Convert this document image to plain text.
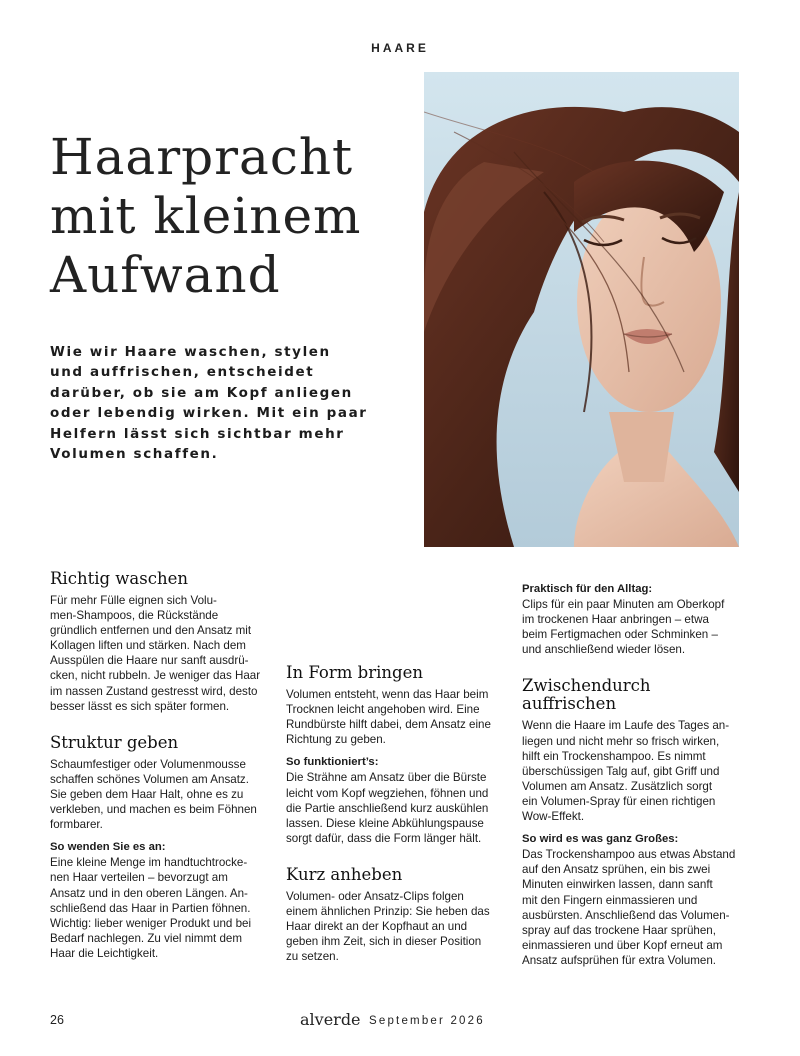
HAARE
Haarpracht
mit kleinem
Aufwand
Wie wir Haare waschen, stylen
und auffrischen, entscheidet
darüber, ob sie am Kopf anliegen
oder lebendig wirken. Mit ein paar
Helfern lässt sich sichtbar mehr
Volumen schaffen.
Richtig waschen
Für mehr Fülle eignen sich Volu-
men-Shampoos, die Rückstände
gründlich entfernen und den Ansatz mit
Kollagen liften und stärken. Nach dem
Ausspülen die Haare nur sanft ausdrü-
cken, nicht rubbeln. Je weniger das Haar
im nassen Zustand gestresst wird, desto
besser lässt es sich später formen.
Struktur geben
Schaumfestiger oder Volumenmousse
schaffen schönes Volumen am Ansatz.
Sie geben dem Haar Halt, ohne es zu
verkleben, und machen es beim Föhnen
formbarer.
So wenden Sie es an:
Eine kleine Menge im handtuchtrocke-
nen Haar verteilen – bevorzugt am
Ansatz und in den oberen Längen. An-
schließend das Haar in Partien föhnen.
Wichtig: lieber weniger Produkt und bei
Bedarf nachlegen. Zu viel nimmt dem
Haar die Leichtigkeit.
In Form bringen
Volumen entsteht, wenn das Haar beim
Trocknen leicht angehoben wird. Eine
Rundbürste hilft dabei, dem Ansatz eine
Richtung zu geben.
So funktioniert’s:
Die Strähne am Ansatz über die Bürste
leicht vom Kopf wegziehen, föhnen und
die Partie anschließend kurz auskühlen
lassen. Diese kleine Abkühlungspause
sorgt dafür, dass die Form länger hält.
Kurz anheben
Volumen- oder Ansatz-Clips folgen
einem ähnlichen Prinzip: Sie heben das
Haar direkt an der Kopfhaut an und
geben ihm Zeit, sich in dieser Position
zu setzen.
Praktisch für den Alltag:
Clips für ein paar Minuten am Oberkopf
im trockenen Haar anbringen – etwa
beim Fertigmachen oder Schminken –
und anschließend wieder lösen.
Zwischendurch
auffrischen
Wenn die Haare im Laufe des Tages an-
liegen und nicht mehr so frisch wirken,
hilft ein Trockenshampoo. Es nimmt
überschüssigen Talg auf, gibt Griff und
Volumen am Ansatz. Zusätzlich sorgt
ein Volumen-Spray für einen richtigen
Wow-Effekt.
So wird es was ganz Großes:
Das Trockenshampoo aus etwas Abstand
auf den Ansatz sprühen, ein bis zwei
Minuten einwirken lassen, dann sanft
mit den Fingern einmassieren und
ausbürsten. Anschließend das Volumen-
spray auf das trockene Haar sprühen,
einmassieren und über Kopf erneut am
Ansatz aufsprühen für extra Volumen.
26	alverde September 2026
